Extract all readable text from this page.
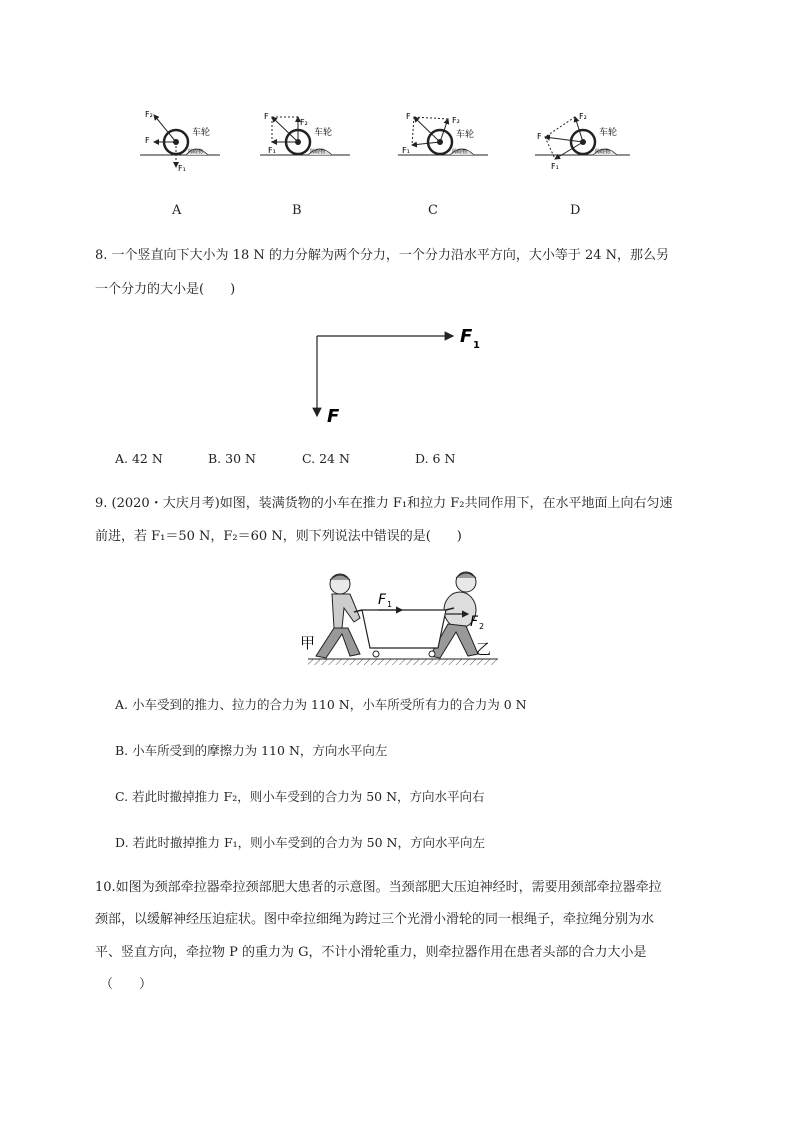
F₂
F
F₁
车轮
障碍物
F
F₂
F₁
车轮
障碍物
F	F₂
F₁
车轮
障碍物
F₂
F
F₁
车轮
障碍物
A	B	C	D
8. 一个竖直向下大小为 18 N 的力分解为两个分力，一个分力沿水平方向，大小等于 24 N，那么另
一个分力的大小是(　　)
F 1
F
A. 42 N	B. 30 N	C. 24 N	D. 6 N
9. (2020・大庆月考)如图，装满货物的小车在推力 F₁和拉力 F₂共同作用下，在水平地面上向右匀速
前进，若 F₁＝50 N，F₂＝60 N，则下列说法中错误的是(　　)
F 1
F 2
甲	乙
A. 小车受到的推力、拉力的合力为 110 N，小车所受所有力的合力为 0 N
B. 小车所受到的摩擦力为 110 N，方向水平向左
C. 若此时撤掉推力 F₂，则小车受到的合力为 50 N，方向水平向右
D. 若此时撤掉推力 F₁，则小车受到的合力为 50 N，方向水平向左
10.如图为颈部牵拉器牵拉颈部肥大患者的示意图。当颈部肥大压迫神经时，需要用颈部牵拉器牵拉
颈部，以缓解神经压迫症状。图中牵拉细绳为跨过三个光滑小滑轮的同一根绳子，牵拉绳分别为水
平、竖直方向，牵拉物 P 的重力为 G，不计小滑轮重力，则牵拉器作用在患者头部的合力大小是
（　　）
